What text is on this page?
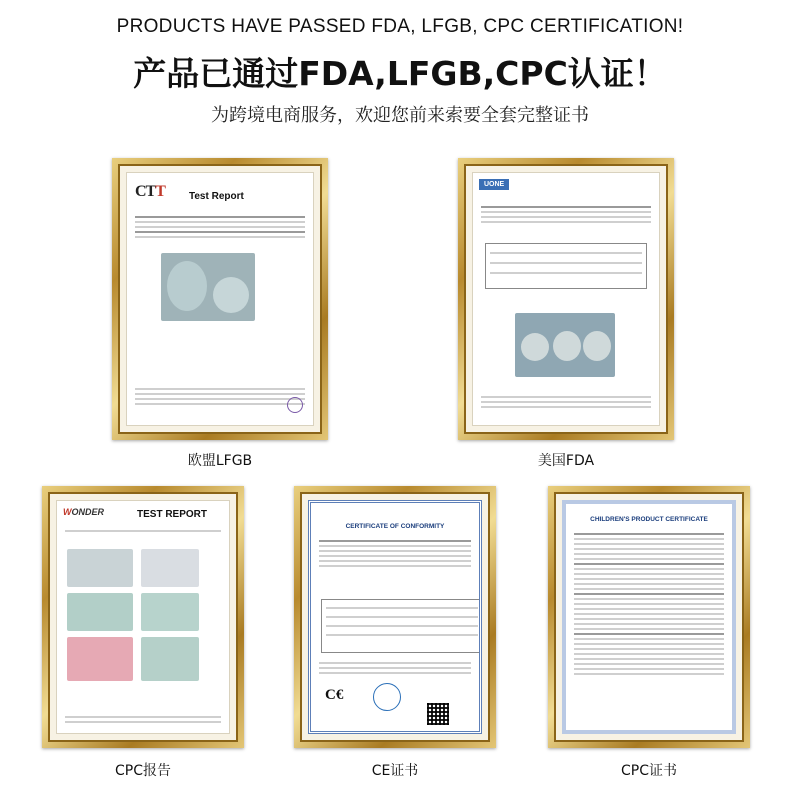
PRODUCTS HAVE PASSED FDA, LFGB, CPC CERTIFICATION!
产品已通过FDA,LFGB,CPC认证！
为跨境电商服务，欢迎您前来索要全套完整证书
CTT Test Report
欧盟LFGB
UONE
美国FDA
WONDER	TEST REPORT
CPC报告
CERTIFICATE OF CONFORMITY
C€
CE证书
CHILDREN'S PRODUCT CERTIFICATE
CPC证书
